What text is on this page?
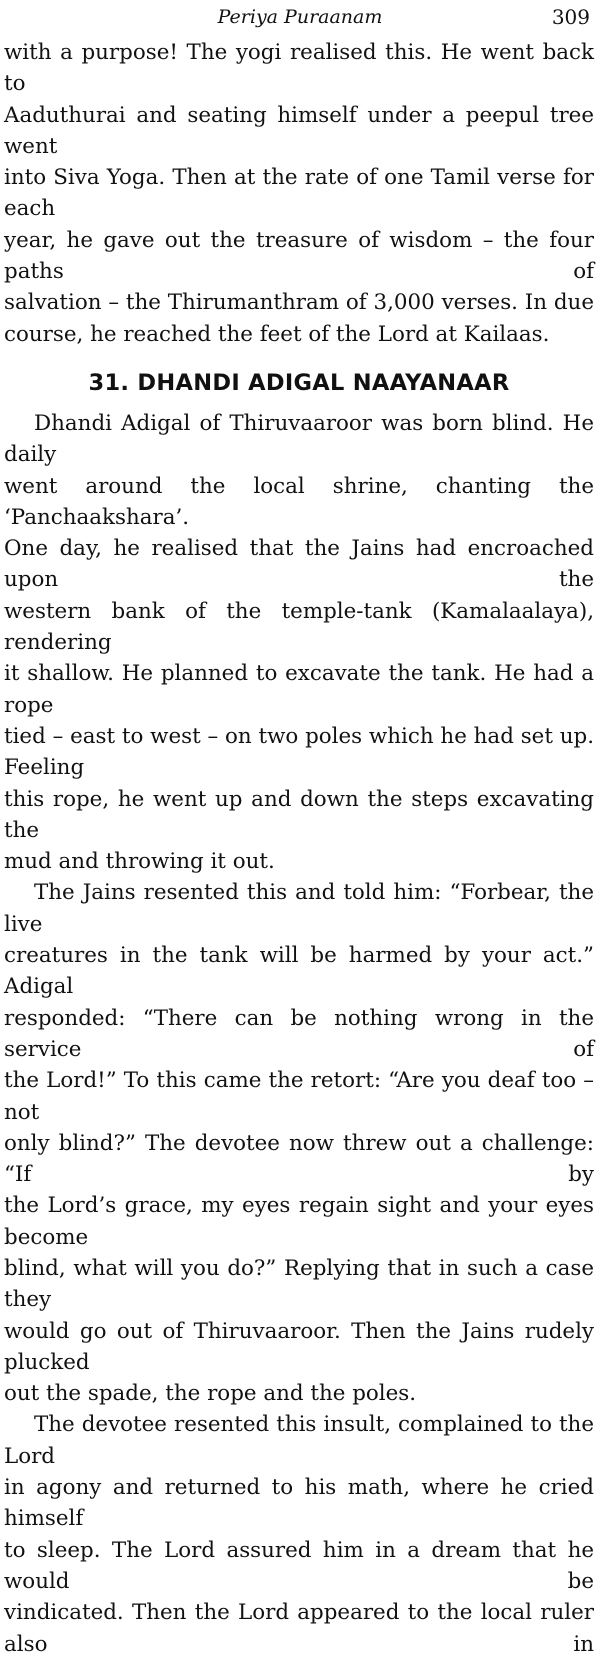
Periya Puraanam	309

with a purpose! The yogi realised this. He went back to

Aaduthurai and seating himself under a peepul tree went

into Siva Yoga. Then at the rate of one Tamil verse for each

year, he gave out the treasure of wisdom – the four paths of

salvation – the Thirumanthram of 3,000 verses. In due

course, he reached the feet of the Lord at Kailaas.

31. DHANDI ADIGAL NAAYANAAR

Dhandi Adigal of Thiruvaaroor was born blind. He daily

went around the local shrine, chanting the ‘Panchaakshara’.

One day, he realised that the Jains had encroached upon the

western bank of the temple-tank (Kamalaalaya), rendering

it shallow. He planned to excavate the tank. He had a rope

tied – east to west – on two poles which he had set up. Feeling

this rope, he went up and down the steps excavating the

mud and throwing it out.

The Jains resented this and told him: “Forbear, the live

creatures in the tank will be harmed by your act.” Adigal

responded: “There can be nothing wrong in the service of

the Lord!” To this came the retort: “Are you deaf too – not

only blind?” The devotee now threw out a challenge: “If by

the Lord’s grace, my eyes regain sight and your eyes become

blind, what will you do?” Replying that in such a case they

would go out of Thiruvaaroor. Then the Jains rudely plucked

out the spade, the rope and the poles.

The devotee resented this insult, complained to the Lord

in agony and returned to his math, where he cried himself

to sleep. The Lord assured him in a dream that he would be

vindicated. Then the Lord appeared to the local ruler also in
